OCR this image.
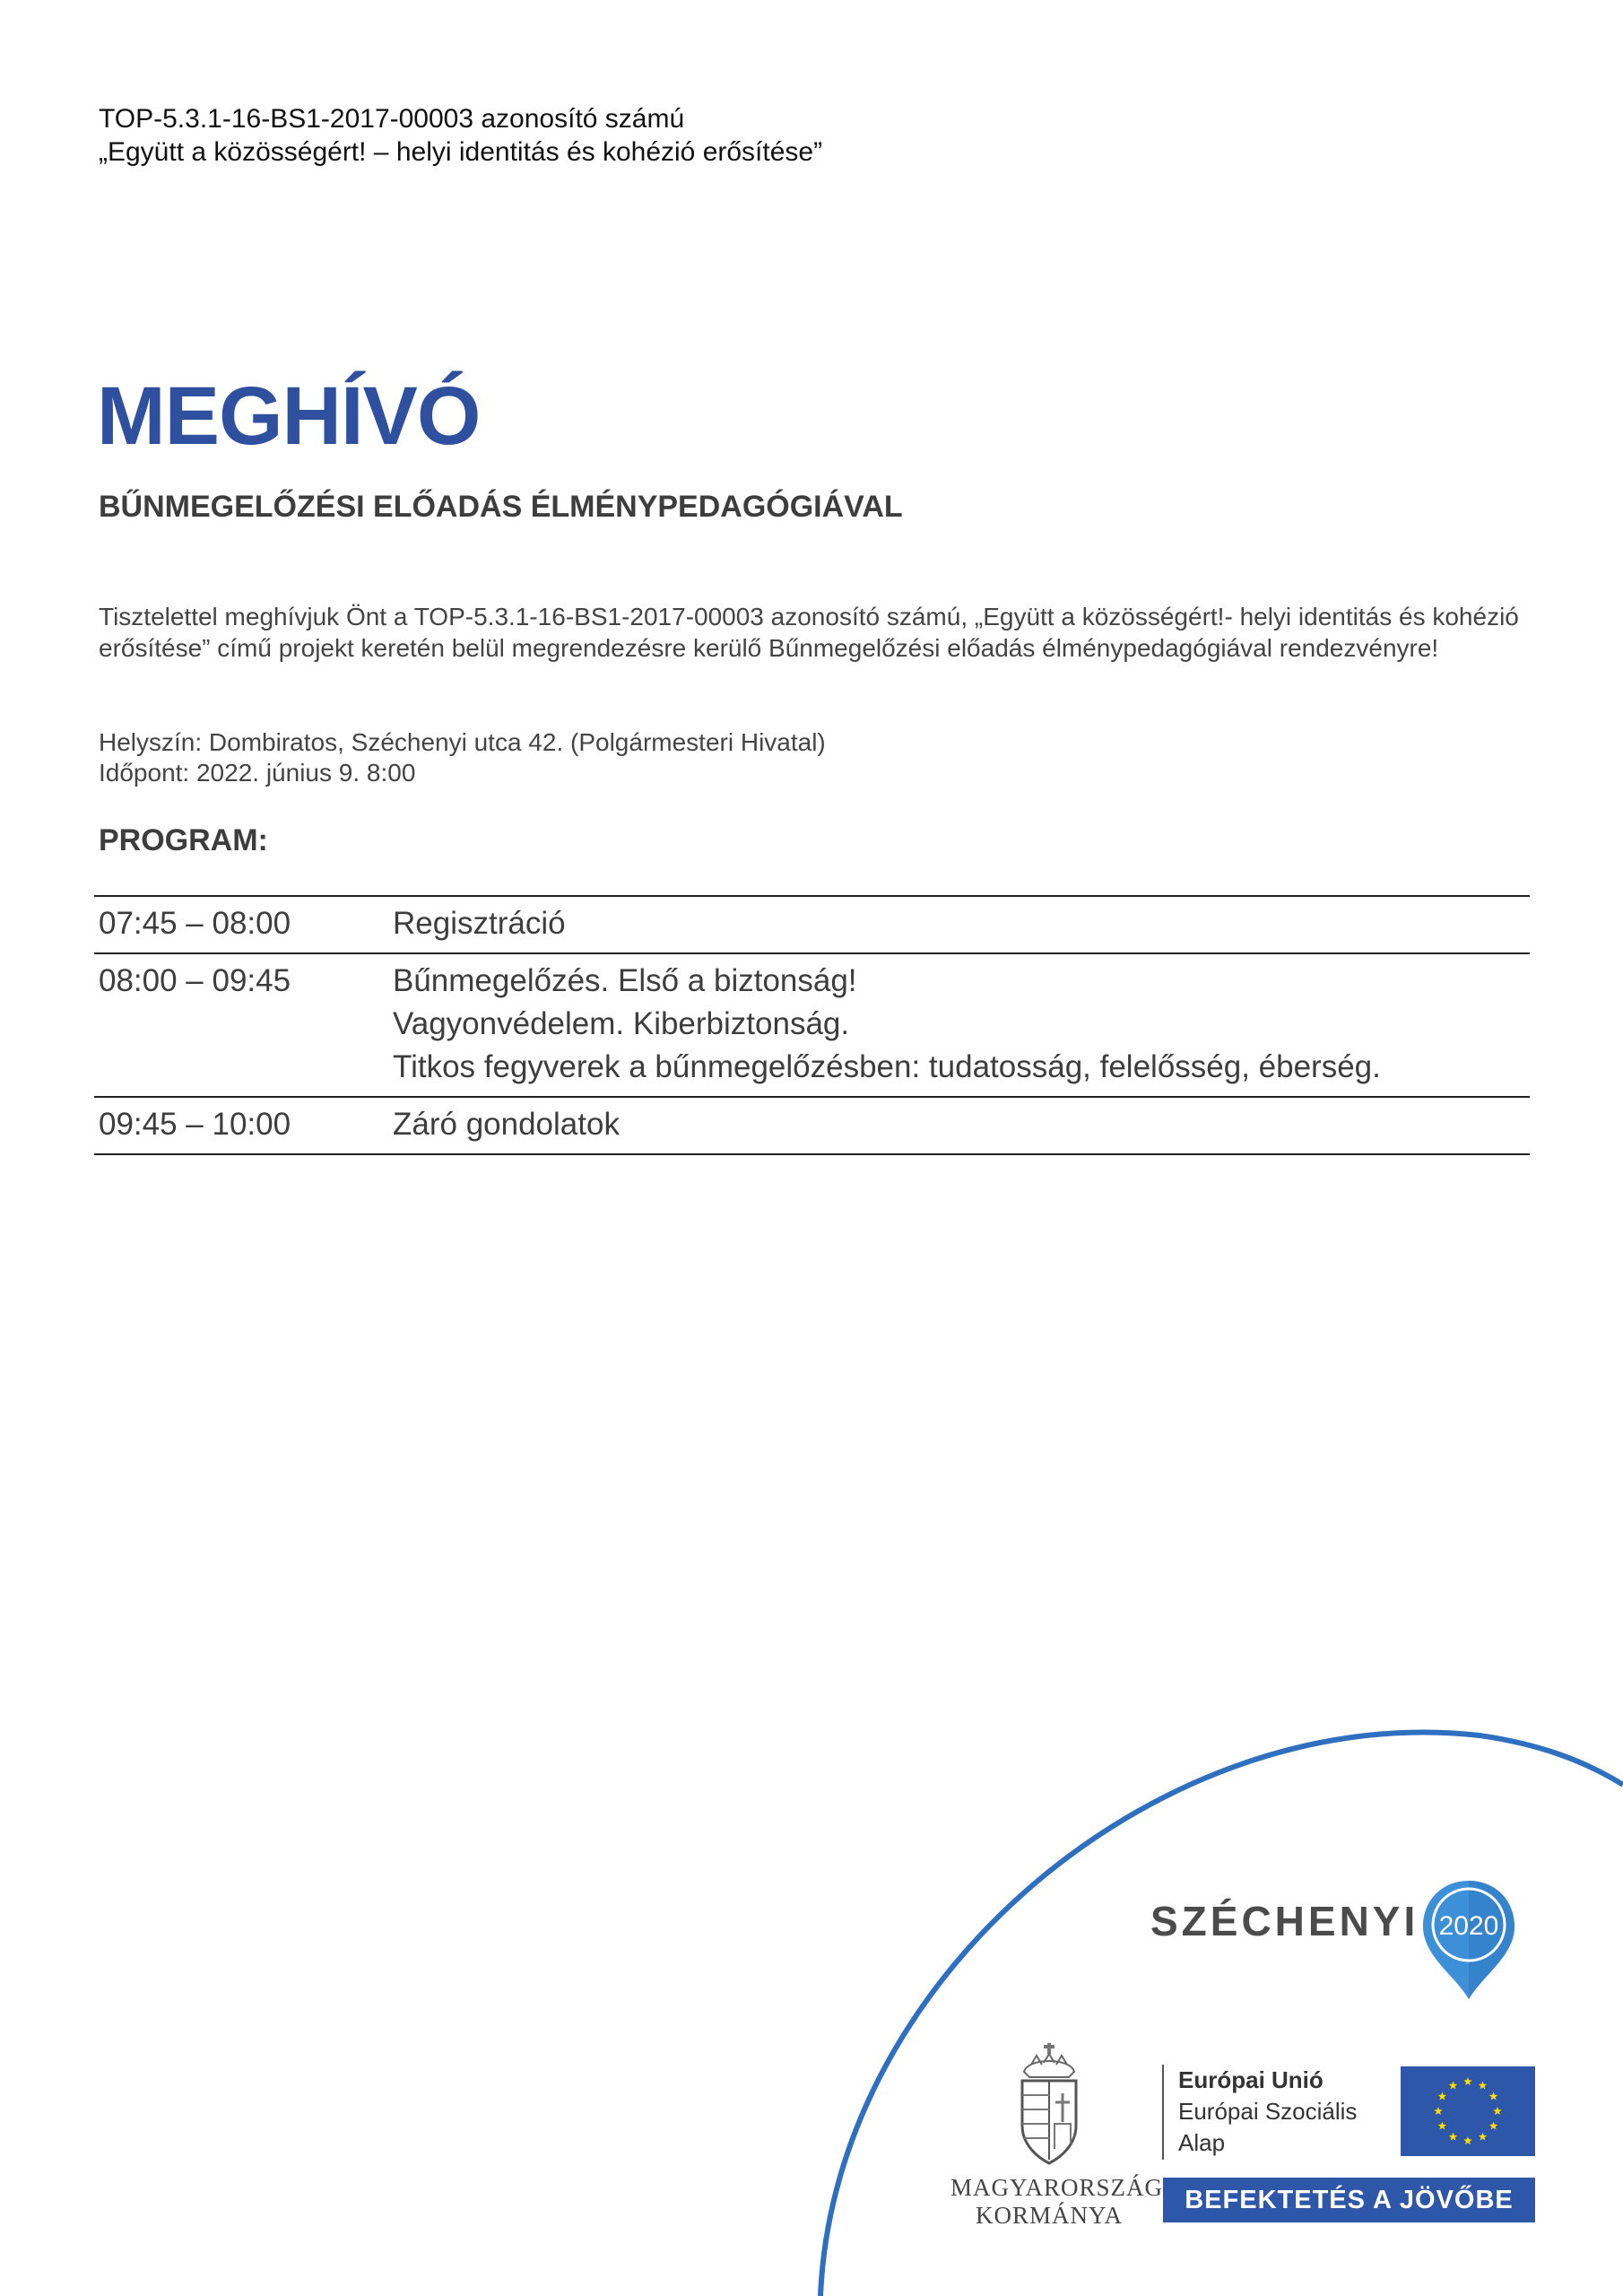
TOP-5.3.1-16-BS1-2017-00003 azonosító számú
„Együtt a közösségért! – helyi identitás és kohézió erősítése”
MEGHÍVÓ
BŰNMEGELŐZÉSI ELŐADÁS ÉLMÉNYPEDAGÓGIÁVAL
Tisztelettel meghívjuk Önt a TOP-5.3.1-16-BS1-2017-00003 azonosító számú, „Együtt a közösségért!- helyi identitás és kohézió erősítése” című projekt keretén belül megrendezésre kerülő Bűnmegelőzési előadás élménypedagógiával rendezvényre!
Helyszín: Dombiratos, Széchenyi utca 42. (Polgármesteri Hivatal)
Időpont: 2022. június 9. 8:00
PROGRAM:
07:45 – 08:00	Regisztráció

08:00 – 09:45	Bűnmegelőzés. Első a biztonság!
Vagyonvédelem. Kiberbiztonság.
Titkos fegyverek a bűnmegelőzésben: tudatosság, felelősség, éberség.

09:45 – 10:00	Záró gondolatok
SZÉCHENYI 2020
MAGYARORSZÁG
KORMÁNYA
Európai Unió
Európai Szociális
Alap
BEFEKTETÉS A JÖVŐBE
